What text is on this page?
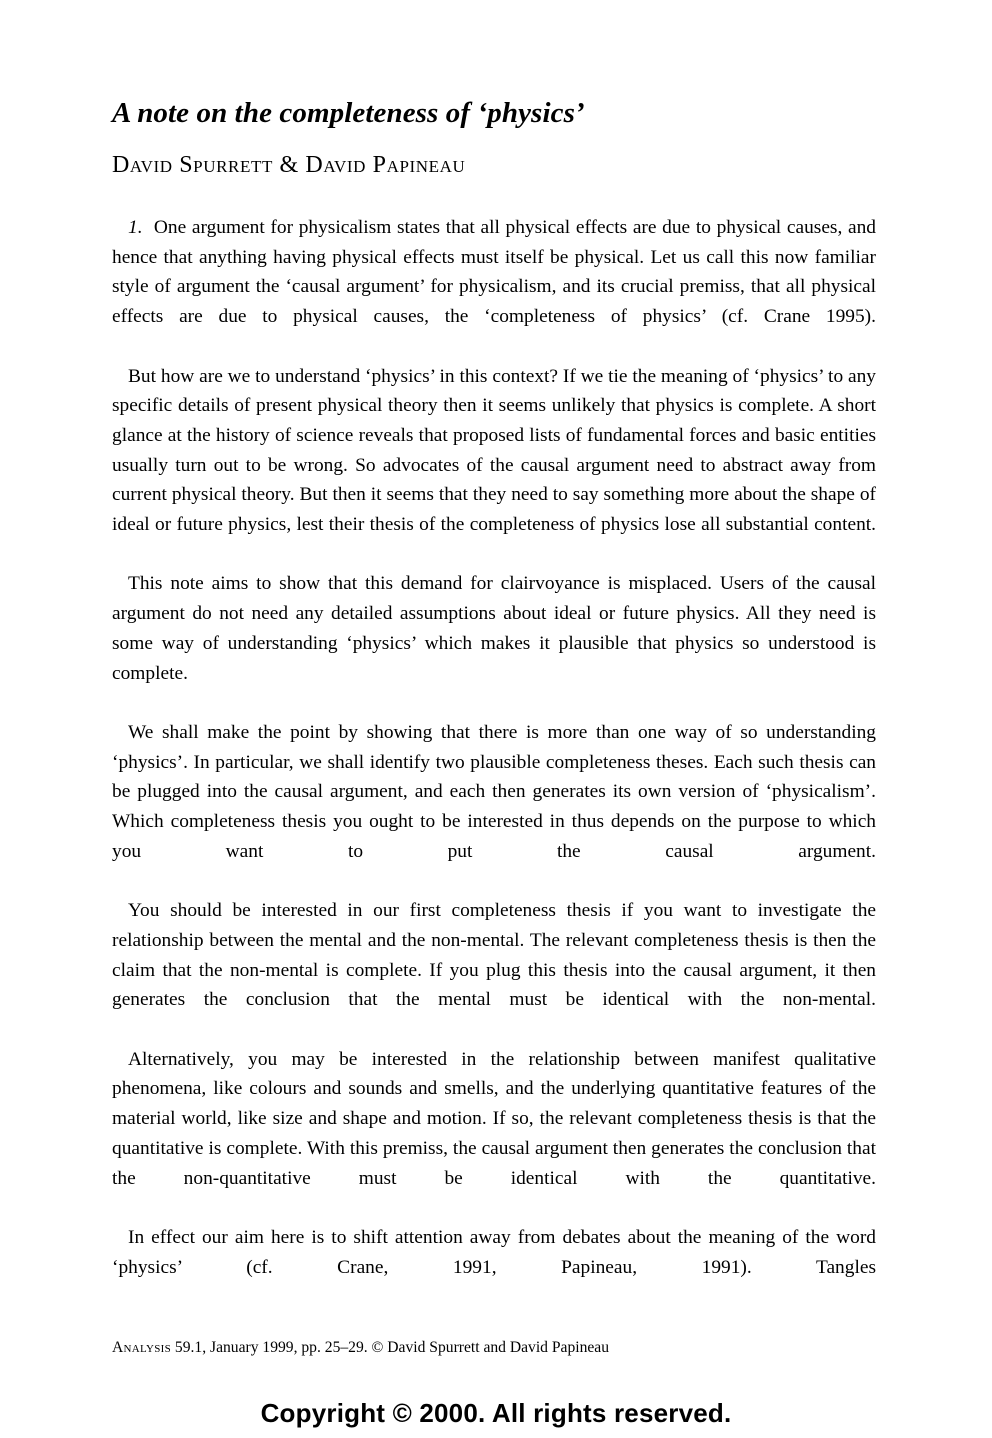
A note on the completeness of ‘physics’
David Spurrett & David Papineau

1. One argument for physicalism states that all physical effects are due to physical causes, and hence that anything having physical effects must itself be physical. Let us call this now familiar style of argument the ‘causal argument’ for physicalism, and its crucial premiss, that all physical effects are due to physical causes, the ‘completeness of physics’ (cf. Crane 1995).

But how are we to understand ‘physics’ in this context? If we tie the meaning of ‘physics’ to any specific details of present physical theory then it seems unlikely that physics is complete. A short glance at the history of science reveals that proposed lists of fundamental forces and basic entities usually turn out to be wrong. So advocates of the causal argument need to abstract away from current physical theory. But then it seems that they need to say something more about the shape of ideal or future physics, lest their thesis of the completeness of physics lose all substantial content.

This note aims to show that this demand for clairvoyance is misplaced. Users of the causal argument do not need any detailed assumptions about ideal or future physics. All they need is some way of understanding ‘physics’ which makes it plausible that physics so understood is complete.

We shall make the point by showing that there is more than one way of so understanding ‘physics’. In particular, we shall identify two plausible completeness theses. Each such thesis can be plugged into the causal argument, and each then generates its own version of ‘physicalism’. Which completeness thesis you ought to be interested in thus depends on the purpose to which you want to put the causal argument.

You should be interested in our first completeness thesis if you want to investigate the relationship between the mental and the non-mental. The relevant completeness thesis is then the claim that the non-mental is complete. If you plug this thesis into the causal argument, it then generates the conclusion that the mental must be identical with the non-mental.

Alternatively, you may be interested in the relationship between manifest qualitative phenomena, like colours and sounds and smells, and the underlying quantitative features of the material world, like size and shape and motion. If so, the relevant completeness thesis is that the quantitative is complete. With this premiss, the causal argument then generates the conclusion that the non-quantitative must be identical with the quantitative.

In effect our aim here is to shift attention away from debates about the meaning of the word ‘physics’ (cf. Crane, 1991, Papineau, 1991). Tangles

Analysis 59.1, January 1999, pp. 25–29. © David Spurrett and David Papineau
Copyright © 2000. All rights reserved.
